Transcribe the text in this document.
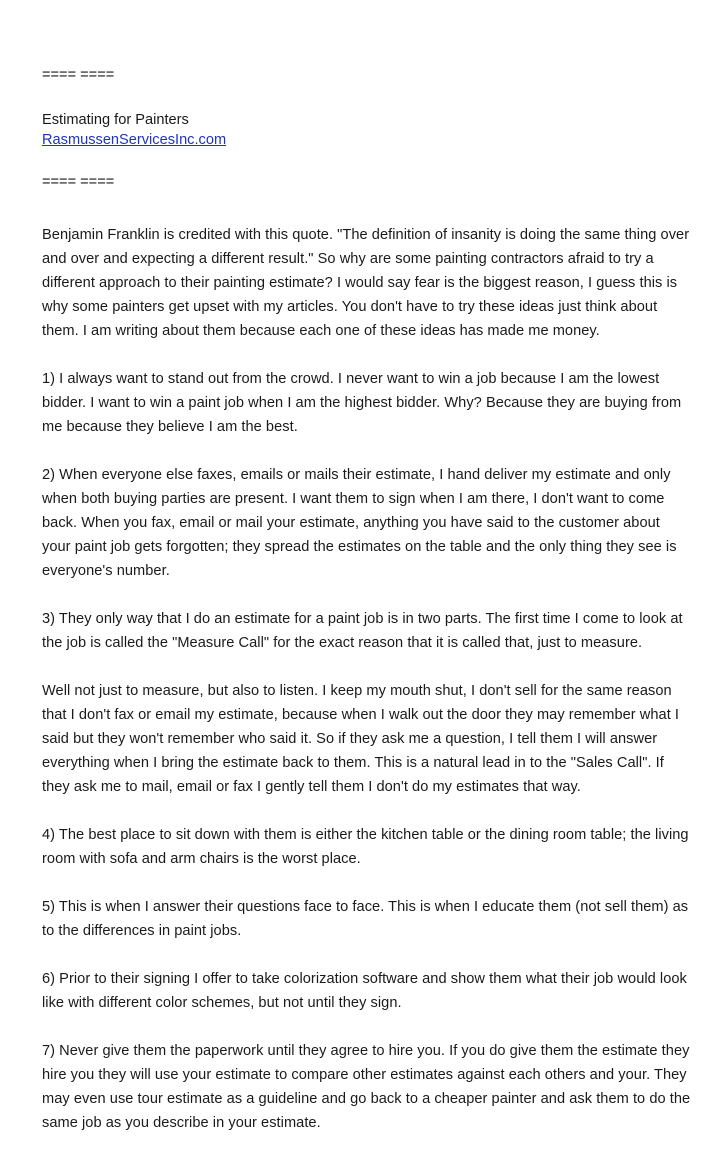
==== ====
Estimating for Painters
RasmussenServicesInc.com
==== ====

Benjamin Franklin is credited with this quote. "The definition of insanity is doing the same thing over and over and expecting a different result." So why are some painting contractors afraid to try a different approach to their painting estimate? I would say fear is the biggest reason, I guess this is why some painters get upset with my articles. You don't have to try these ideas just think about them. I am writing about them because each one of these ideas has made me money.

1) I always want to stand out from the crowd. I never want to win a job because I am the lowest bidder. I want to win a paint job when I am the highest bidder. Why? Because they are buying from me because they believe I am the best.

2) When everyone else faxes, emails or mails their estimate, I hand deliver my estimate and only when both buying parties are present. I want them to sign when I am there, I don't want to come back. When you fax, email or mail your estimate, anything you have said to the customer about your paint job gets forgotten; they spread the estimates on the table and the only thing they see is everyone's number.

3) They only way that I do an estimate for a paint job is in two parts. The first time I come to look at the job is called the "Measure Call" for the exact reason that it is called that, just to measure.

Well not just to measure, but also to listen. I keep my mouth shut, I don't sell for the same reason that I don't fax or email my estimate, because when I walk out the door they may remember what I said but they won't remember who said it. So if they ask me a question, I tell them I will answer everything when I bring the estimate back to them. This is a natural lead in to the "Sales Call". If they ask me to mail, email or fax I gently tell them I don't do my estimates that way.

4) The best place to sit down with them is either the kitchen table or the dining room table; the living room with sofa and arm chairs is the worst place.

5) This is when I answer their questions face to face. This is when I educate them (not sell them) as to the differences in paint jobs.

6) Prior to their signing I offer to take colorization software and show them what their job would look like with different color schemes, but not until they sign.

7) Never give them the paperwork until they agree to hire you. If you do give them the estimate they hire you they will use your estimate to compare other estimates against each others and your. They may even use tour estimate as a guideline and go back to a cheaper painter and ask them to do the same job as you describe in your estimate.
